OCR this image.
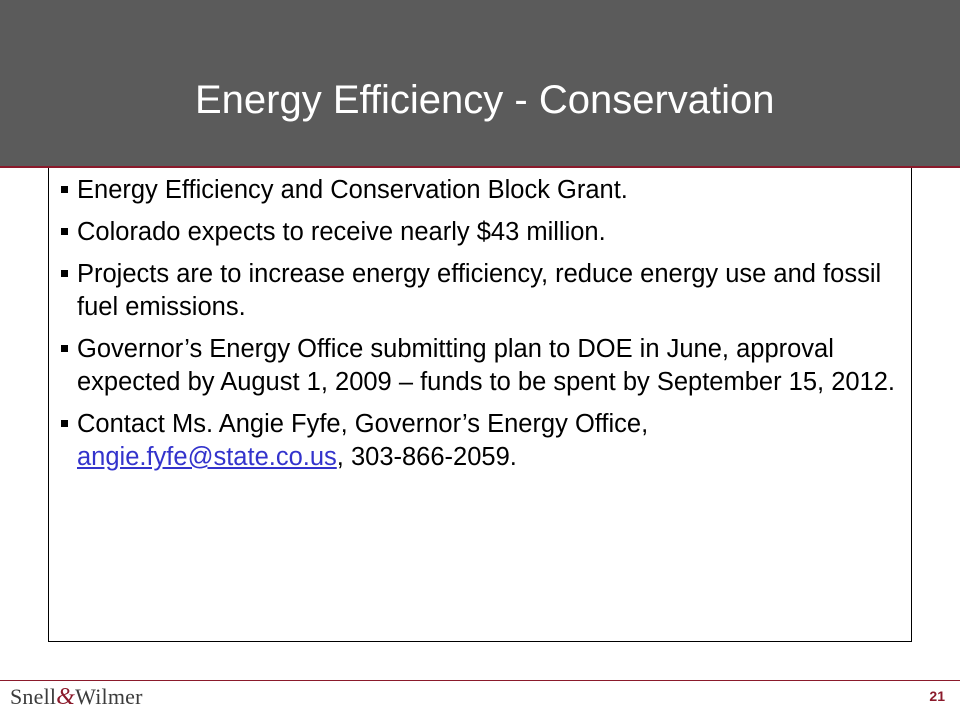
Energy Efficiency - Conservation
Energy Efficiency and Conservation Block Grant.
Colorado expects to receive nearly $43 million.
Projects are to increase energy efficiency, reduce energy use and fossil fuel emissions.
Governor’s Energy Office submitting plan to DOE in June, approval expected by August 1, 2009 – funds to be spent by September 15, 2012.
Contact Ms. Angie Fyfe, Governor’s Energy Office, angie.fyfe@state.co.us, 303-866-2059.
Snell&Wilmer	21
